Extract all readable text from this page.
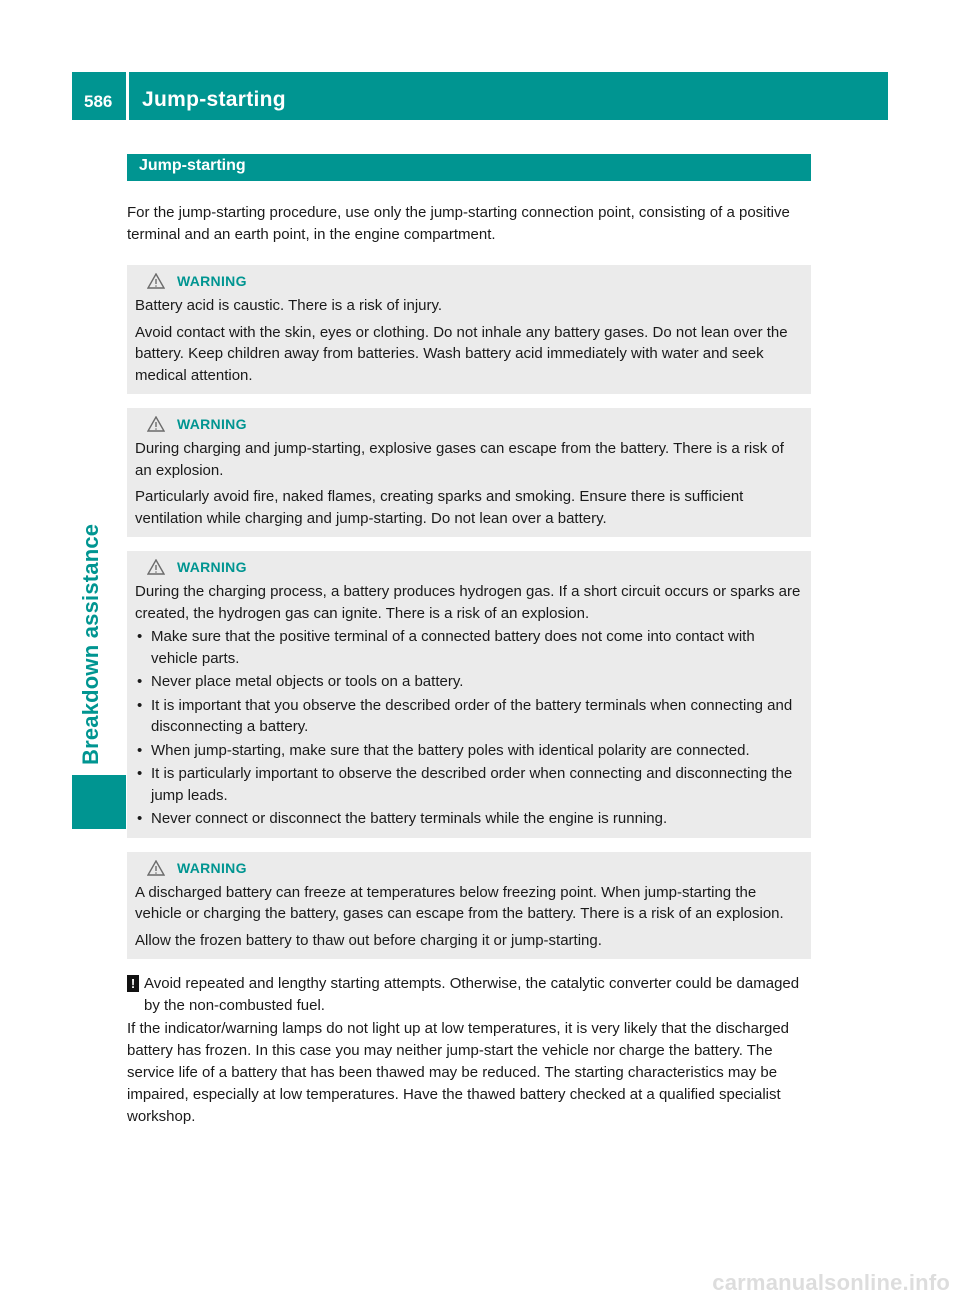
586 Jump-starting
Breakdown assistance
Jump-starting

For the jump-starting procedure, use only the jump-starting connection point, consisting of a positive terminal and an earth point, in the engine compartment.

WARNING

Battery acid is caustic. There is a risk of injury.

Avoid contact with the skin, eyes or clothing. Do not inhale any battery gases. Do not lean over the battery. Keep children away from batteries. Wash battery acid immediately with water and seek medical attention.

WARNING

During charging and jump-starting, explosive gases can escape from the battery. There is a risk of an explosion.

Particularly avoid fire, naked flames, creating sparks and smoking. Ensure there is sufficient ventilation while charging and jump-starting. Do not lean over a battery.

WARNING

During the charging process, a battery produces hydrogen gas. If a short circuit occurs or sparks are created, the hydrogen gas can ignite. There is a risk of an explosion.

• Make sure that the positive terminal of a connected battery does not come into contact with vehicle parts.
• Never place metal objects or tools on a battery.
• It is important that you observe the described order of the battery terminals when connecting and disconnecting a battery.
• When jump-starting, make sure that the battery poles with identical polarity are connected.
• It is particularly important to observe the described order when connecting and disconnecting the jump leads.
• Never connect or disconnect the battery terminals while the engine is running.
WARNING

A discharged battery can freeze at temperatures below freezing point. When jump-starting the vehicle or charging the battery, gases can escape from the battery. There is a risk of an explosion.

Allow the frozen battery to thaw out before charging it or jump-starting.

! Avoid repeated and lengthy starting attempts. Otherwise, the catalytic converter could be damaged by the non-combusted fuel.

If the indicator/warning lamps do not light up at low temperatures, it is very likely that the discharged battery has frozen. In this case you may neither jump-start the vehicle nor charge the battery. The service life of a battery that has been thawed may be reduced. The starting characteristics may be impaired, especially at low temperatures. Have the thawed battery checked at a qualified specialist workshop.

carmanualsonline.info
